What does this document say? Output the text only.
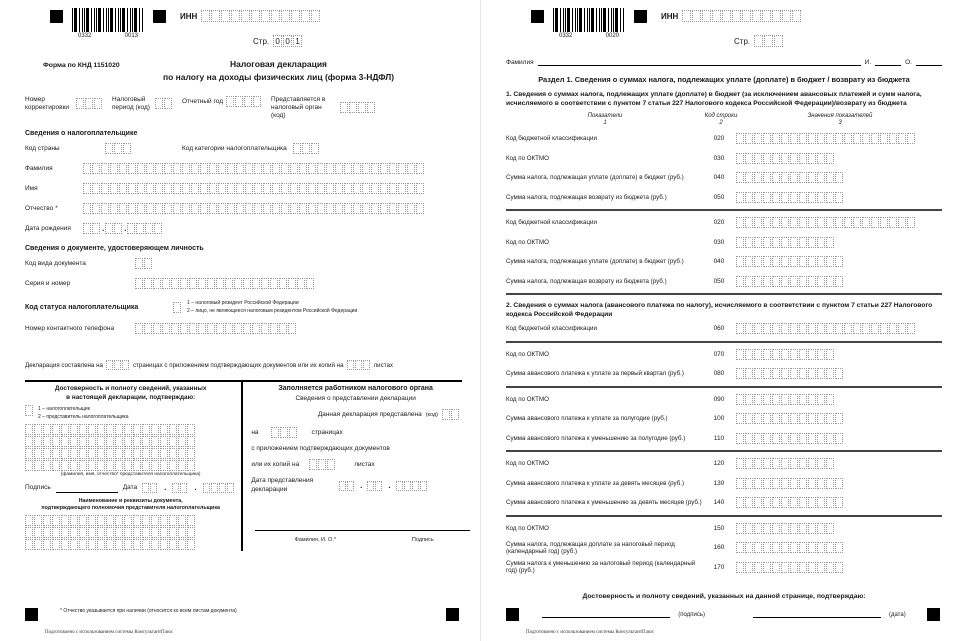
0332	0013
ИНН
Стр. 0 0 1
Форма по КНД 1151020	Налоговая декларация
по налогу на доходы физических лиц (форма 3-НДФЛ)
Номер корректировки
Налоговый период (код)
Отчетный год	Представляется в налоговый орган (код)
Сведения о налогоплательщике
Код страны	Код категории налогоплательщика
Фамилия
Имя
Отчество *
Дата рождения	.	.
Сведения о документе, удостоверяющем личность
Код вида документа
Серия и номер
Код статуса налогоплательщика
1 – налоговый резидент Российской Федерации
2 – лицо, не являющееся налоговым резидентом Российской Федерации
Номер контактного телефона
Декларация составлена на	страницах с приложением подтверждающих документов или их копий на	листах
Достоверность и полноту сведений, указанных
в настоящей декларации, подтверждаю:
1 – налогоплательщик
2 – представитель налогоплательщика
(фамилия, имя, отчество* представителя налогоплательщика)
Подпись	Дата	.	.
Наименование и реквизиты документа,
подтверждающего полномочия представителя налогоплательщика
Заполняется работником налогового органа
Сведения о представлении декларации
Данная декларация представлена (код)
на	страницах
с приложением подтверждающих документов
или их копий на	листах
Дата представления
декларации	.	.
Фамилия, И. О.*	Подпись
* Отчество указывается при наличии (относится ко всем листам документа)
Подготовлено с использованием системы КонсультантПлюс
0332	0020
ИНН
Стр.
Фамилия	И.	О.
Раздел 1. Сведения о суммах налога, подлежащих уплате (доплате) в бюджет / возврату из бюджета
1. Сведения о суммах налога, подлежащих уплате (доплате) в бюджет (за исключением авансовых платежей и сумм налога, исчисляемого в соответствии с пунктом 7 статьи 227 Налогового кодекса Российской Федерации)/возврату из бюджета
Показатели	Код строки	Значения показателей
1	2	3
Код бюджетной классификации	020
Код по ОКТМО	030
Сумма налога, подлежащая уплате (доплате) в бюджет (руб.)	040
Сумма налога, подлежащая возврату из бюджета (руб.)	050
Код бюджетной классификации	020
Код по ОКТМО	030
Сумма налога, подлежащая уплате (доплате) в бюджет (руб.)	040
Сумма налога, подлежащая возврату из бюджета (руб.)	050
2. Сведения о суммах налога (авансового платежа по налогу), исчисляемого в соответствии с пунктом 7 статьи 227 Налогового кодекса Российской Федерации
Код бюджетной классификации	060
Код по ОКТМО	070
Сумма авансового платежа к уплате за первый квартал (руб.)	080
Код по ОКТМО	090
Сумма авансового платежа к уплате за полугодие (руб.)	100
Сумма авансового платежа к уменьшению за полугодие (руб.)	110
Код по ОКТМО	120
Сумма авансового платежа к уплате за девять месяцев (руб.)	130
Сумма авансового платежа к уменьшению за девять месяцев (руб.)	140
Код по ОКТМО	150
Сумма налога, подлежащая доплате за налоговый период (календарный год) (руб.)	160
Сумма налога к уменьшению за налоговый период (календарный год) (руб.)	170
Достоверность и полноту сведений, указанных на данной странице, подтверждаю:
(подпись)	(дата)
Подготовлено с использованием системы КонсультантПлюс
